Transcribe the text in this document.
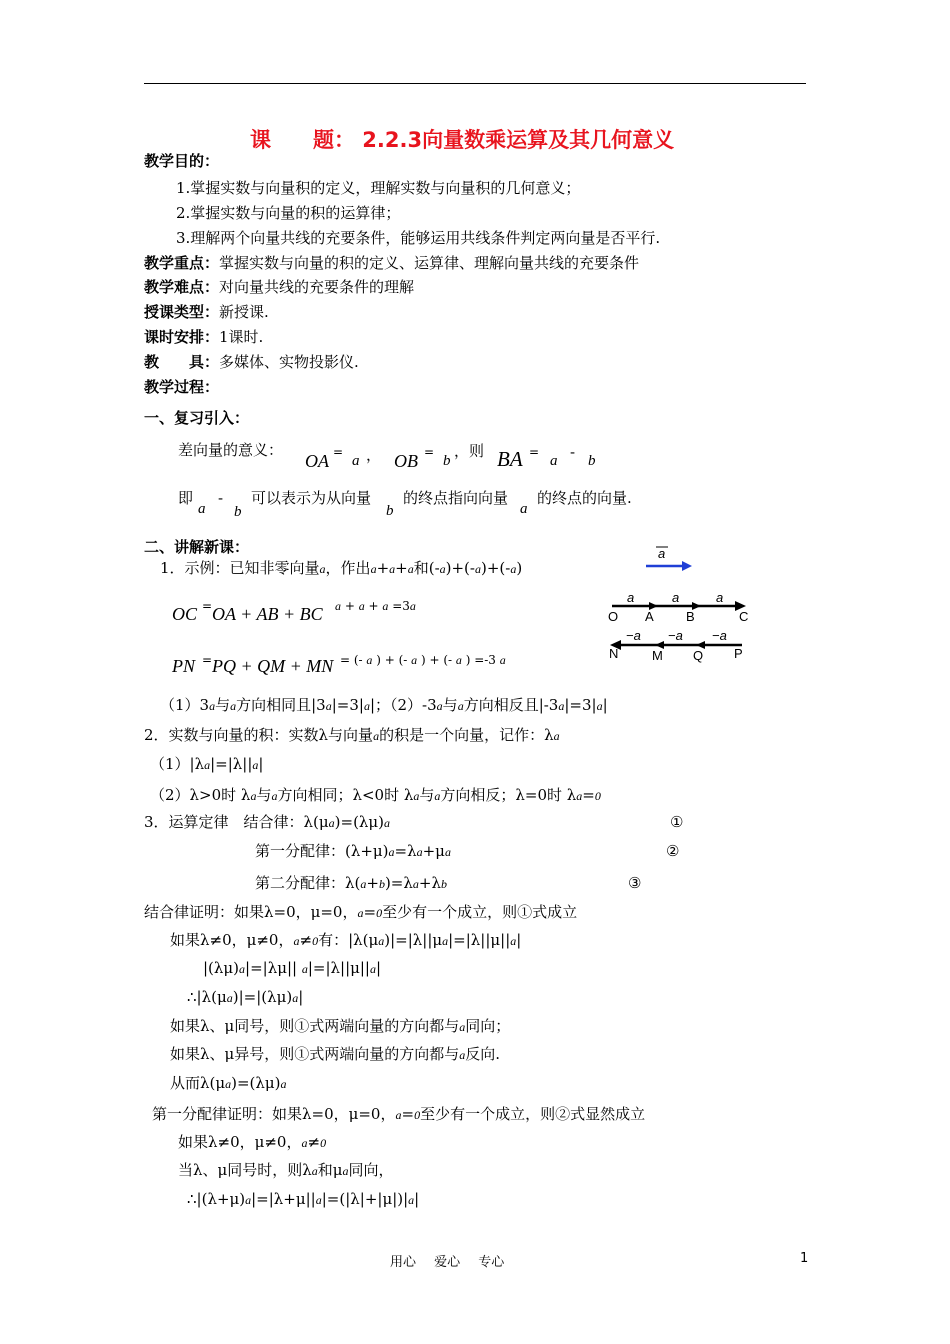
课　　题： 2.2.3向量数乘运算及其几何意义
教学目的：
1.掌握实数与向量积的定义，理解实数与向量积的几何意义；
2.掌握实数与向量的积的运算律；
3.理解两个向量共线的充要条件，能够运用共线条件判定两向量是否平行.
教学重点：掌握实数与向量的积的定义、运算律、理解向量共线的充要条件
教学难点：对向量共线的充要条件的理解
授课类型：新授课.
课时安排：1课时.
教　　具：多媒体、实物投影仪.
教学过程：
一、复习引入：
差向量的意义：
OA =
a ， OB =
b
，则 BA =
a - b
即
a
-
b
可以表示为从向量
b
的终点指向向量
a
的终点的向量.
二、讲解新课：
1．示例：已知非零向量a，作出a+a+a和(-a)+(-a)+(-a)
OC = OA + AB + BC a + a + a =3a
PN = PQ + QM + MN = (- a ) + (- a ) + (- a ) =-3 a
a
a	a	a
O A B	C
−a −a −a
N	M Q P
（1）3a与a方向相同且|3a|=3|a|；（2）-3a与a方向相反且|-3a|=3|a|
2．实数与向量的积：实数λ与向量a的积是一个向量，记作：λa
（1）|λa|=|λ||a|
（2）λ>0时 λa与a方向相同；λ<0时 λa与a方向相反；λ=0时 λa=0
3．运算定律　结合律：λ(μa)=(λμ)a	①
第一分配律：(λ+μ)a=λa+μa	②
第二分配律：λ(a+b)=λa+λb	③
结合律证明：如果λ=0，μ=0，a=0至少有一个成立，则①式成立
如果λ≠0，μ≠0，a≠0有：|λ(μa)|=|λ||μa|=|λ||μ||a|
|(λμ)a|=|λμ|| a|=|λ||μ||a|
∴|λ(μa)|=|(λμ)a|
如果λ、μ同号，则①式两端向量的方向都与a同向；
如果λ、μ异号，则①式两端向量的方向都与a反向.
从而λ(μa)=(λμ)a
第一分配律证明：如果λ=0，μ=0，a=0至少有一个成立，则②式显然成立
如果λ≠0，μ≠0，a≠0
当λ、μ同号时，则λa和μa同向，
∴|(λ+μ)a|=|λ+μ||a|=(|λ|+|μ|)|a|
用心 爱心 专心	1
